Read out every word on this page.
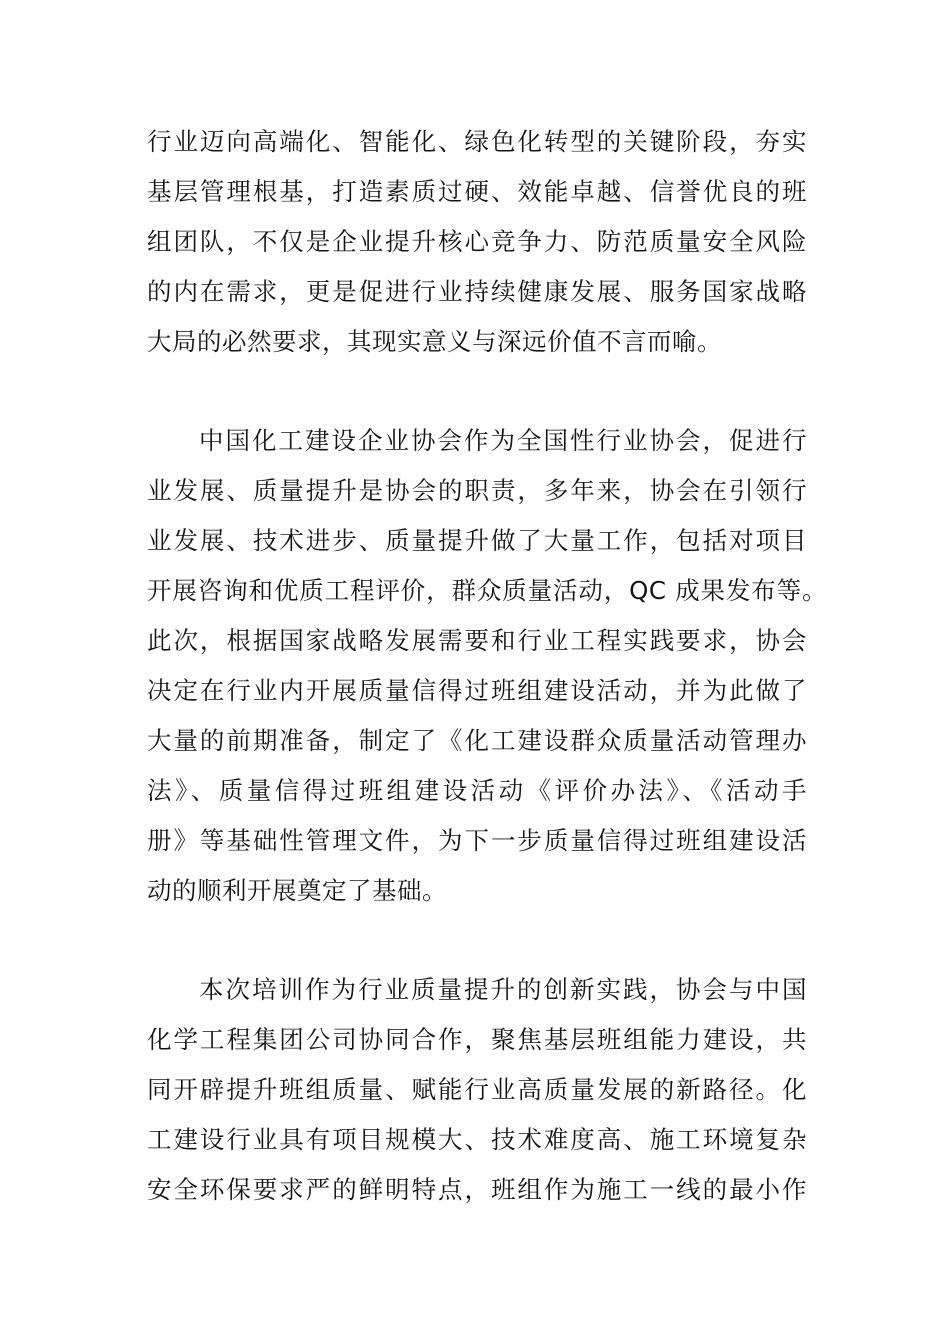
行业迈向高端化、智能化、绿色化转型的关键阶段，夯实
基层管理根基，打造素质过硬、效能卓越、信誉优良的班
组团队，不仅是企业提升核心竞争力、防范质量安全风险
的内在需求，更是促进行业持续健康发展、服务国家战略
大局的必然要求，其现实意义与深远价值不言而喻。
中国化工建设企业协会作为全国性行业协会，促进行
业发展、质量提升是协会的职责，多年来，协会在引领行
业发展、技术进步、质量提升做了大量工作，包括对项目
开展咨询和优质工程评价，群众质量活动，QC 成果发布等。
此次，根据国家战略发展需要和行业工程实践要求，协会
决定在行业内开展质量信得过班组建设活动，并为此做了
大量的前期准备，制定了《化工建设群众质量活动管理办
法》、质量信得过班组建设活动《评价办法》、《活动手
册》等基础性管理文件，为下一步质量信得过班组建设活
动的顺利开展奠定了基础。
本次培训作为行业质量提升的创新实践，协会与中国
化学工程集团公司协同合作，聚焦基层班组能力建设，共
同开辟提升班组质量、赋能行业高质量发展的新路径。化
工建设行业具有项目规模大、技术难度高、施工环境复杂
安全环保要求严的鲜明特点，班组作为施工一线的最小作
